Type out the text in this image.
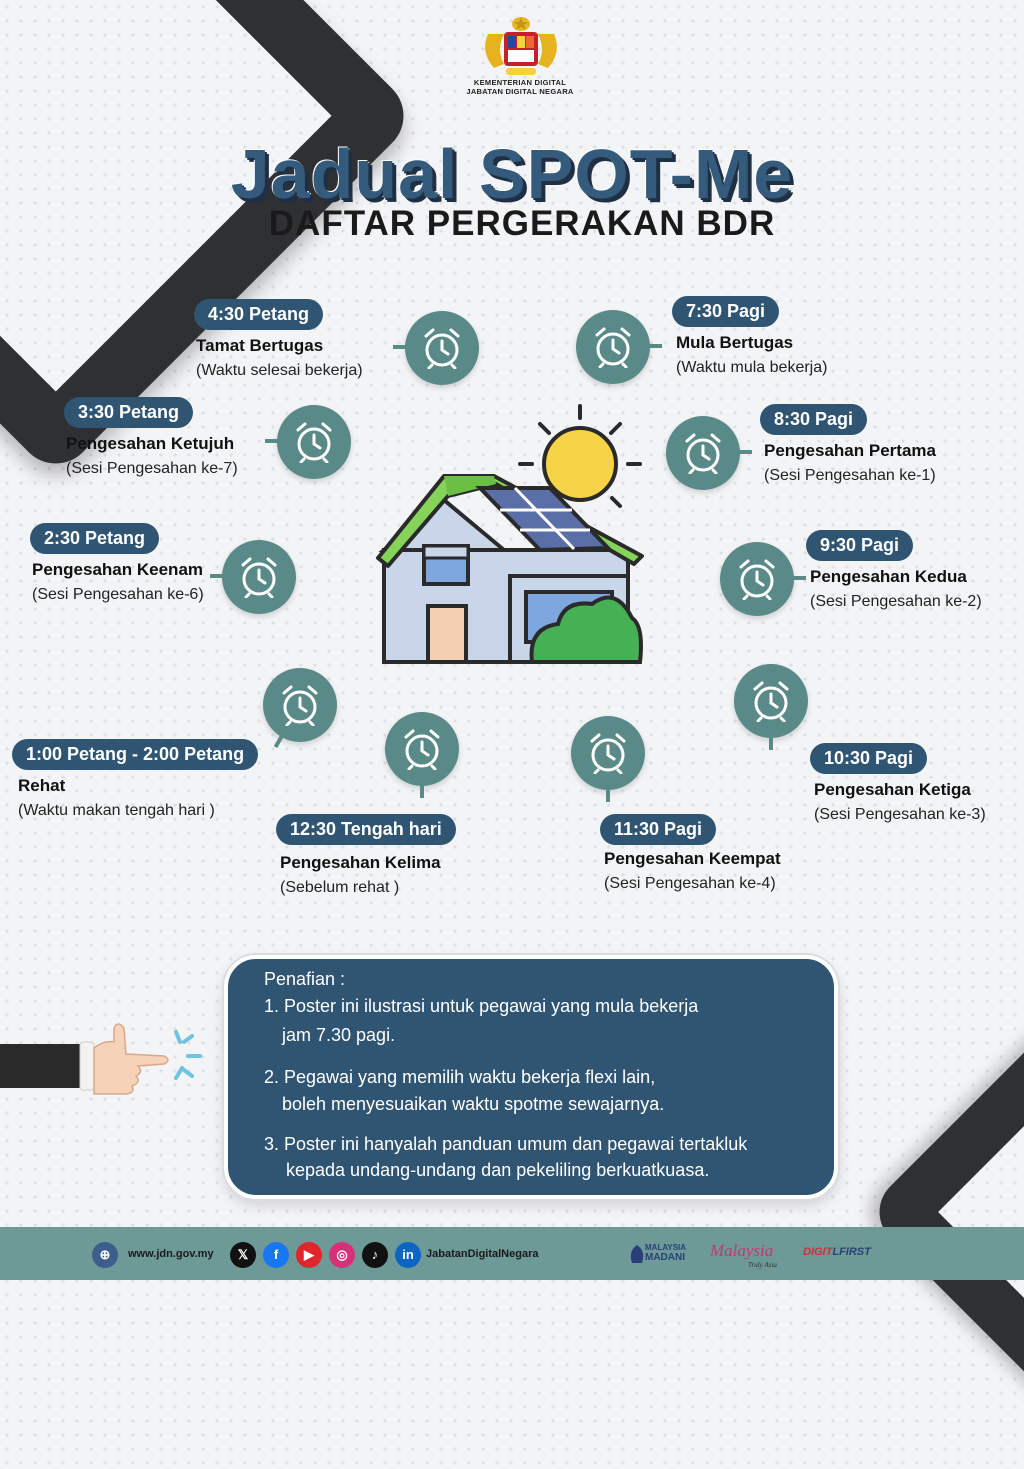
KEMENTERIAN DIGITAL
JABATAN DIGITAL NEGARA
Jadual SPOT-Me
DAFTAR PERGERAKAN BDR
7:30 Pagi
Mula Bertugas
(Waktu mula bekerja)
8:30 Pagi
Pengesahan Pertama
(Sesi Pengesahan ke-1)
9:30 Pagi
Pengesahan Kedua
(Sesi Pengesahan ke-2)
10:30 Pagi
Pengesahan Ketiga
(Sesi Pengesahan ke-3)
11:30 Pagi
Pengesahan Keempat
(Sesi Pengesahan ke-4)
12:30 Tengah hari
Pengesahan Kelima
(Sebelum rehat )
1:00 Petang - 2:00 Petang
Rehat
(Waktu makan tengah hari )
2:30 Petang
Pengesahan Keenam
(Sesi Pengesahan ke-6)
3:30 Petang
Pengesahan Ketujuh
(Sesi Pengesahan ke-7)
4:30 Petang
Tamat Bertugas
(Waktu selesai bekerja)
Penafian :
1. Poster ini ilustrasi untuk pegawai yang mula bekerja
jam 7.30 pagi.
2. Pegawai yang memilih waktu bekerja flexi lain,
boleh menyesuaikan waktu spotme sewajarnya.
3. Poster ini hanyalah panduan umum dan pegawai tertakluk
kepada undang-undang dan pekeliling berkuatkuasa.
⊕	www.jdn.gov.my	𝕏	f	▶	◎	♪	in	JabatanDigitalNegara
MALAYSIA
MADANI Malaysia
Truly Asia
DIGITLFIRST
